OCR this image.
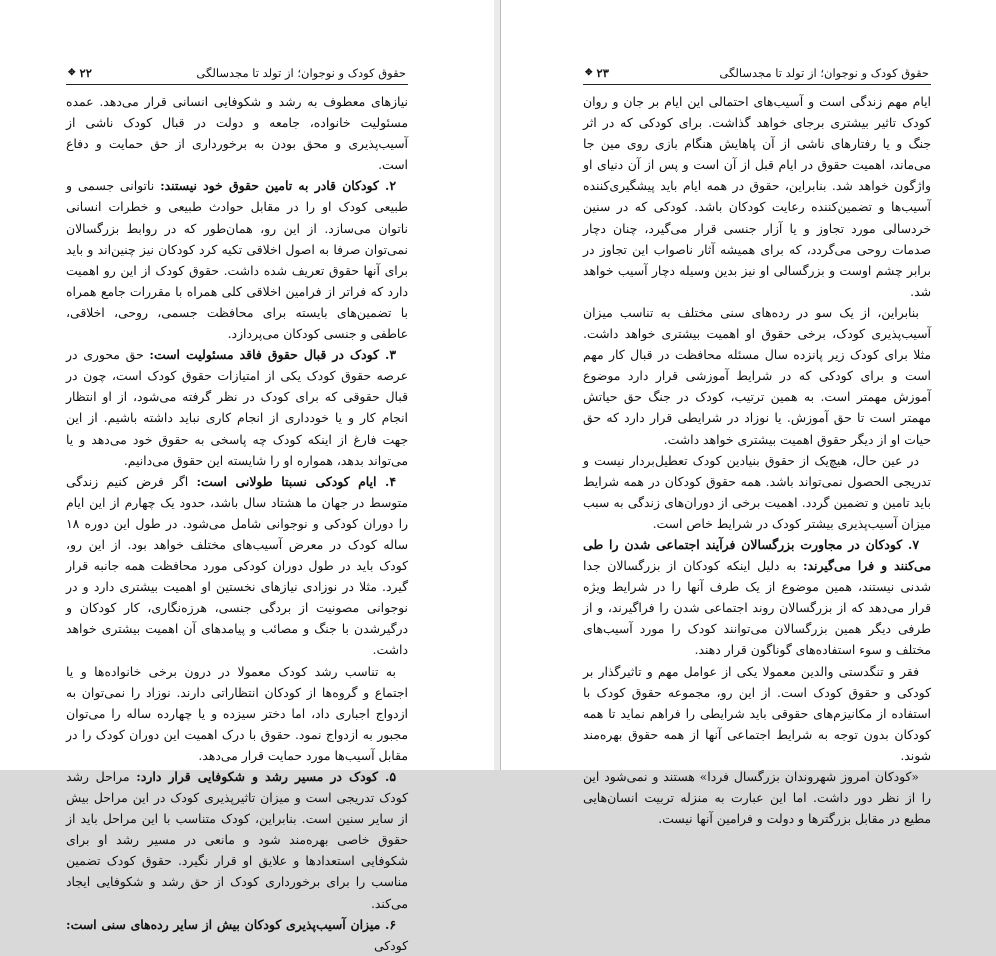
حقوق کودک و نوجوان؛ از تولد تا مجدسالگی
۲۲
✥

نیازهای معطوف به رشد و شکوفایی انسانی قرار می‌دهد. عمده مسئولیت خانواده، جامعه و دولت در قبال کودک ناشی از آسیب‌پذیری و محق بودن به برخورداری از حق حمایت و دفاع است.

۲. کودکان قادر به تامین حقوق خود نیستند: ناتوانی جسمی و طبیعی کودک او را در مقابل حوادث طبیعی و خطرات انسانی ناتوان می‌سازد. از این رو، همان‌طور که در روابط بزرگسالان نمی‌توان صرفا به اصول اخلاقی تکیه کرد کودکان نیز چنین‌اند و باید برای آنها حقوق تعریف شده داشت. حقوق کودک از این رو اهمیت دارد که فراتر از فرامین اخلاقی کلی همراه با مقررات جامع همراه با تضمین‌های بایسته برای محافظت جسمی، روحی، اخلاقی، عاطفی و جنسی کودکان می‌پردازد.

۳. کودک در قبال حقوق فاقد مسئولیت است: حق محوری در عرصه حقوق کودک یکی از امتیازات حقوق کودک است، چون در قبال حقوقی که برای کودک در نظر گرفته می‌شود، از او انتظار انجام کار و یا خودداری از انجام کاری نباید داشته باشیم. از این جهت فارغ از اینکه کودک چه پاسخی به حقوق خود می‌دهد و یا می‌تواند بدهد، همواره او را شایسته این حقوق می‌دانیم.

۴. ایام کودکی نسبتا طولانی است: اگر فرض کنیم زندگی متوسط در جهان ما هشتاد سال باشد، حدود یک چهارم از این ایام را دوران کودکی و نوجوانی شامل می‌شود. در طول این دوره ۱۸ ساله کودک در معرض آسیب‌های مختلف خواهد بود. از این رو، کودک باید در طول دوران کودکی مورد محافظت همه جانبه قرار گیرد. مثلا در نوزادی نیازهای نخستین او اهمیت بیشتری دارد و در نوجوانی مصونیت از بردگی جنسی، هرزه‌نگاری، کار کودکان و درگیرشدن با جنگ و مصائب و پیامدهای آن اهمیت بیشتری خواهد داشت.

به تناسب رشد کودک معمولا در درون برخی خانواده‌ها و یا اجتماع و گروه‌ها از کودکان انتظاراتی دارند. نوزاد را نمی‌توان به ازدواج اجباری داد، اما دختر سیزده و یا چهارده ساله را می‌توان مجبور به ازدواج نمود. حقوق با درک اهمیت این دوران کودک را در مقابل آسیب‌ها مورد حمایت قرار می‌دهد.

۵. کودک در مسیر رشد و شکوفایی قرار دارد: مراحل رشد کودک تدریجی است و میزان تاثیرپذیری کودک در این مراحل بیش از سایر سنین است. بنابراین، کودک متناسب با این مراحل باید از حقوق خاصی بهره‌مند شود و مانعی در مسیر رشد او برای شکوفایی استعدادها و علایق او قرار نگیرد. حقوق کودک تضمین مناسب را برای برخورداری کودک از حق رشد و شکوفایی ایجاد می‌کند.

۶. میزان آسیب‌پذیری کودکان بیش از سایر رده‌های سنی است: کودکی

حقوق کودک و نوجوان؛ از تولد تا مجدسالگی
۲۳
✥

ایام مهم زندگی است و آسیب‌های احتمالی این ایام بر جان و روان کودک تاثیر بیشتری برجای خواهد گذاشت. برای کودکی که در اثر جنگ و یا رفتارهای ناشی از آن پاهایش هنگام بازی روی مین جا می‌ماند، اهمیت حقوق در ایام قبل از آن است و پس از آن دنیای او واژگون خواهد شد. بنابراین، حقوق در همه ایام باید پیشگیری‌کننده آسیب‌ها و تضمین‌کننده رعایت کودکان باشد. کودکی که در سنین خردسالی مورد تجاوز و یا آزار جنسی قرار می‌گیرد، چنان دچار صدمات روحی می‌گردد، که برای همیشه آثار ناصواب این تجاوز در برابر چشم اوست و بزرگسالی او نیز بدین وسیله دچار آسیب خواهد شد.

بنابراین، از یک سو در رده‌های سنی مختلف به تناسب میزان آسیب‌پذیری کودک، برخی حقوق او اهمیت بیشتری خواهد داشت. مثلا برای کودک زیر پانزده سال مسئله محافظت در قبال کار مهم است و برای کودکی که در شرایط آموزشی قرار دارد موضوع آموزش مهمتر است. به همین ترتیب، کودک در جنگ حق حیاتش مهمتر است تا حق آموزش. یا نوزاد در شرایطی قرار دارد که حق حیات او از دیگر حقوق اهمیت بیشتری خواهد داشت.

در عین حال، هیچ‌یک از حقوق بنیادین کودک تعطیل‌بردار نیست و تدریجی الحصول نمی‌تواند باشد. همه حقوق کودکان در همه شرایط باید تامین و تضمین گردد. اهمیت برخی از دوران‌های زندگی به سبب میزان آسیب‌پذیری بیشتر کودک در شرایط خاص است.

۷. کودکان در مجاورت بزرگسالان فرآیند اجتماعی شدن را طی می‌کنند و فرا می‌گیرند: به دلیل اینکه کودکان از بزرگسالان جدا شدنی نیستند، همین موضوع از یک طرف آنها را در شرایط ویژه قرار می‌دهد که از بزرگسالان روند اجتماعی شدن را فراگیرند، و از طرفی دیگر همین بزرگسالان می‌توانند کودک را مورد آسیب‌های مختلف و سوء استفاده‌های گوناگون قرار دهند.

فقر و تنگدستی والدین معمولا یکی از عوامل مهم و تاثیرگذار بر کودکی و حقوق کودک است. از این رو، مجموعه حقوق کودک با استفاده از مکانیزم‌های حقوقی باید شرایطی را فراهم نماید تا همه کودکان بدون توجه به شرایط اجتماعی آنها از همه حقوق بهره‌مند شوند.

«کودکان امروز شهروندان بزرگسال فردا» هستند و نمی‌شود این را از نظر دور داشت. اما این عبارت به منزله تربیت انسان‌هایی مطیع در مقابل بزرگترها و دولت و فرامین آنها نیست.
